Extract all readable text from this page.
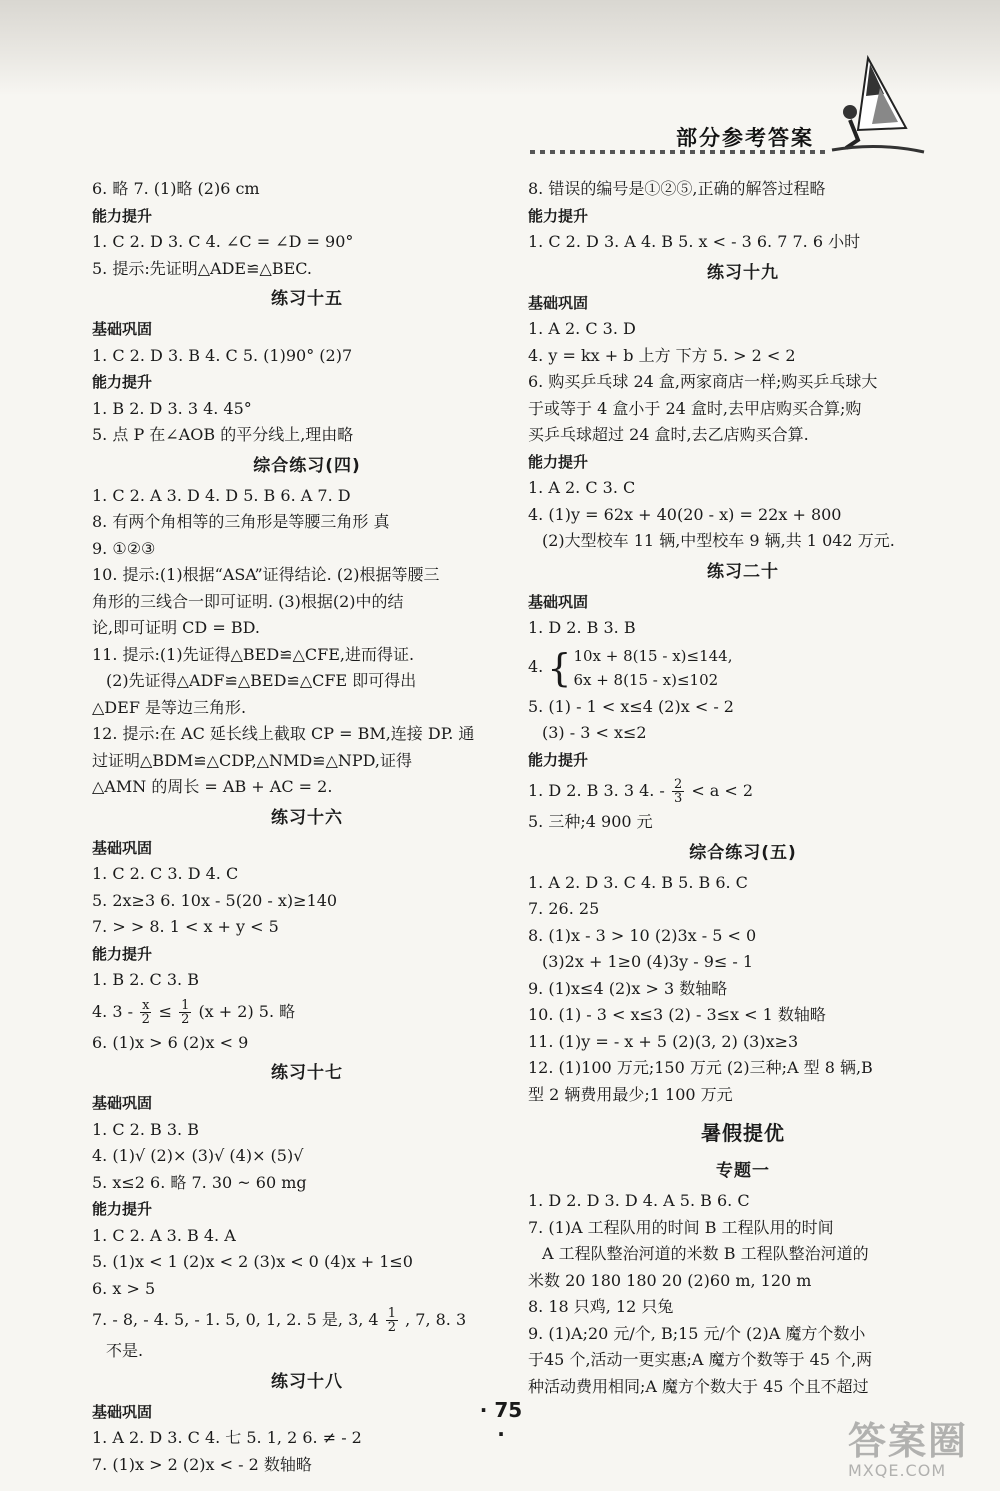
部分参考答案
6. 略 7. (1)略 (2)6 cm
能力提升
1. C 2. D 3. C 4. ∠C = ∠D = 90°
5. 提示:先证明△ADE≌△BEC.
练习十五
基础巩固
1. C 2. D 3. B 4. C 5. (1)90° (2)7
能力提升
1. B 2. D 3. 3 4. 45°
5. 点 P 在∠AOB 的平分线上,理由略
综合练习(四)
1. C 2. A 3. D 4. D 5. B 6. A 7. D
8. 有两个角相等的三角形是等腰三角形 真
9. ①②③
10. 提示:(1)根据“ASA”证得结论. (2)根据等腰三
角形的三线合一即可证明. (3)根据(2)中的结
论,即可证明 CD = BD.
11. 提示:(1)先证得△BED≌△CFE,进而得证.
(2)先证得△ADF≌△BED≌△CFE 即可得出
△DEF 是等边三角形.
12. 提示:在 AC 延长线上截取 CP = BM,连接 DP. 通
过证明△BDM≌△CDP,△NMD≌△NPD,证得
△AMN 的周长 = AB + AC = 2.
练习十六
基础巩固
1. C 2. C 3. D 4. C
5. 2x≥3 6. 10x - 5(20 - x)≥140
7. > > 8. 1 < x + y < 5
能力提升
1. B 2. C 3. B
4. $3 - \frac{x}{2} \le \frac{1}{2} (x + 2)$ 5. 略
6. (1)x > 6 (2)x < 9
练习十七
基础巩固
1. C 2. B 3. B
4. (1)√ (2)× (3)√ (4)× (5)√
5. x≤2 6. 略 7. 30 ~ 60 mg
能力提升
1. C 2. A 3. B 4. A
5. (1)x < 1 (2)x < 2 (3)x < 0 (4)x + 1≤0
6. x > 5
7. - 8, - 4. 5, - 1. 5, 0, 1, 2. 5 是, 3, $4 \frac{1}{2}$ , 7, 8. 3
不是.
练习十八
基础巩固
1. A 2. D 3. C 4. 七 5. 1, 2 6. ≠ - 2
7. (1)x > 2 (2)x < - 2 数轴略
8. 错误的编号是①②⑤,正确的解答过程略
能力提升
1. C 2. D 3. A 4. B 5. x < - 3 6. 7 7. 6 小时
练习十九
基础巩固
1. A 2. C 3. D
4. y = kx + b 上方 下方 5. > 2 < 2
6. 购买乒乓球 24 盒,两家商店一样;购买乒乓球大
于或等于 4 盒小于 24 盒时,去甲店购买合算;购
买乒乓球超过 24 盒时,去乙店购买合算.
能力提升
1. A 2. C 3. C
4. (1)y = 62x + 40(20 - x) = 22x + 800
(2)大型校车 11 辆,中型校车 9 辆,共 1 042 万元.
练习二十
基础巩固
1. D 2. B 3. B
4. { 10x + 8(15 - x)≤144,
6x + 8(15 - x)≤102
5. (1) - 1 < x≤4 (2)x < - 2
(3) - 3 < x≤2
能力提升
1. D 2. B 3. 3 4. - $\frac{2}{3} < a < 2$
5. 三种;4 900 元
综合练习(五)
1. A 2. D 3. C 4. B 5. B 6. C
7. 26. 25
8. (1)x - 3 > 10 (2)3x - 5 < 0
(3)2x + 1≥0 (4)3y - 9≤ - 1
9. (1)x≤4 (2)x > 3 数轴略
10. (1) - 3 < x≤3 (2) - 3≤x < 1 数轴略
11. (1)y = - x + 5 (2)(3, 2) (3)x≥3
12. (1)100 万元;150 万元 (2)三种;A 型 8 辆,B
型 2 辆费用最少;1 100 万元
暑假提优
专题一
1. D 2. D 3. D 4. A 5. B 6. C
7. (1)A 工程队用的时间 B 工程队用的时间
A 工程队整治河道的米数 B 工程队整治河道的
米数 20 180 180 20 (2)60 m, 120 m
8. 18 只鸡, 12 只兔
9. (1)A;20 元/个, B;15 元/个 (2)A 魔方个数小
于45 个,活动一更实惠;A 魔方个数等于 45 个,两
种活动费用相同;A 魔方个数大于 45 个且不超过
· 75 ·	答案圈
MXQE.COM
